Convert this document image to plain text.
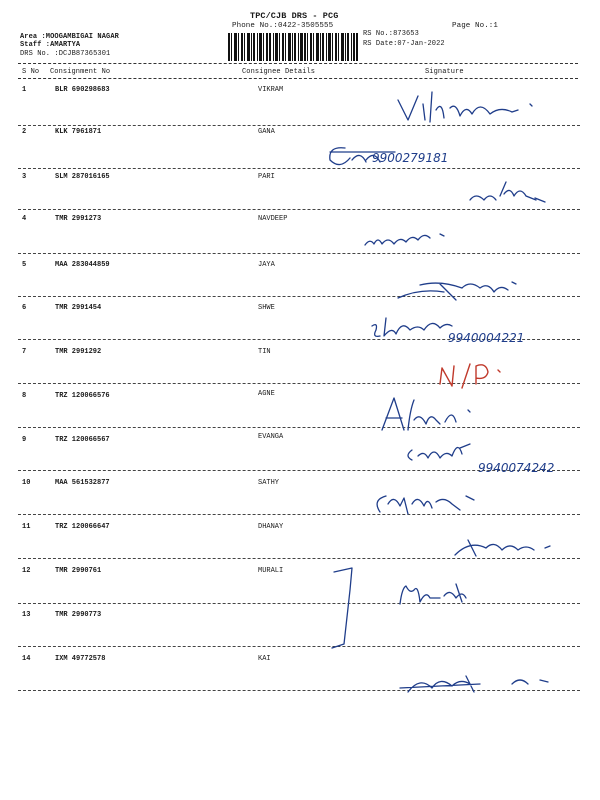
TPC/CJB DRS - PCG
Phone No.:0422-3505555	Page No.:1
Area :MOOGAMBIGAI NAGAR
Staff :AMARTYA
DRS No. :DCJB87365301
RS No.:873653
RS Date:07-Jan-2022
S No Consignment No	Consignee Details	Signature
1	BLR 690298683	VIKRAM
2	KLK 7961871	GANA
3	SLM 287016165	PARI
4	TMR 2991273	NAVDEEP
5	MAA 283044859	JAYA
6	TMR 2991454	SHWE
7	TMR 2991292	TIN
8	TRZ 120066576	AGNE
9	TRZ 120066567	EVANGA
10	MAA 561532877	SATHY
11	TRZ 120066647	DHANAY
12	TMR 2990761	MURALI
13	TMR 2990773
14	IXM 49772578	KAI
9900279181
9940004221
9940074242
